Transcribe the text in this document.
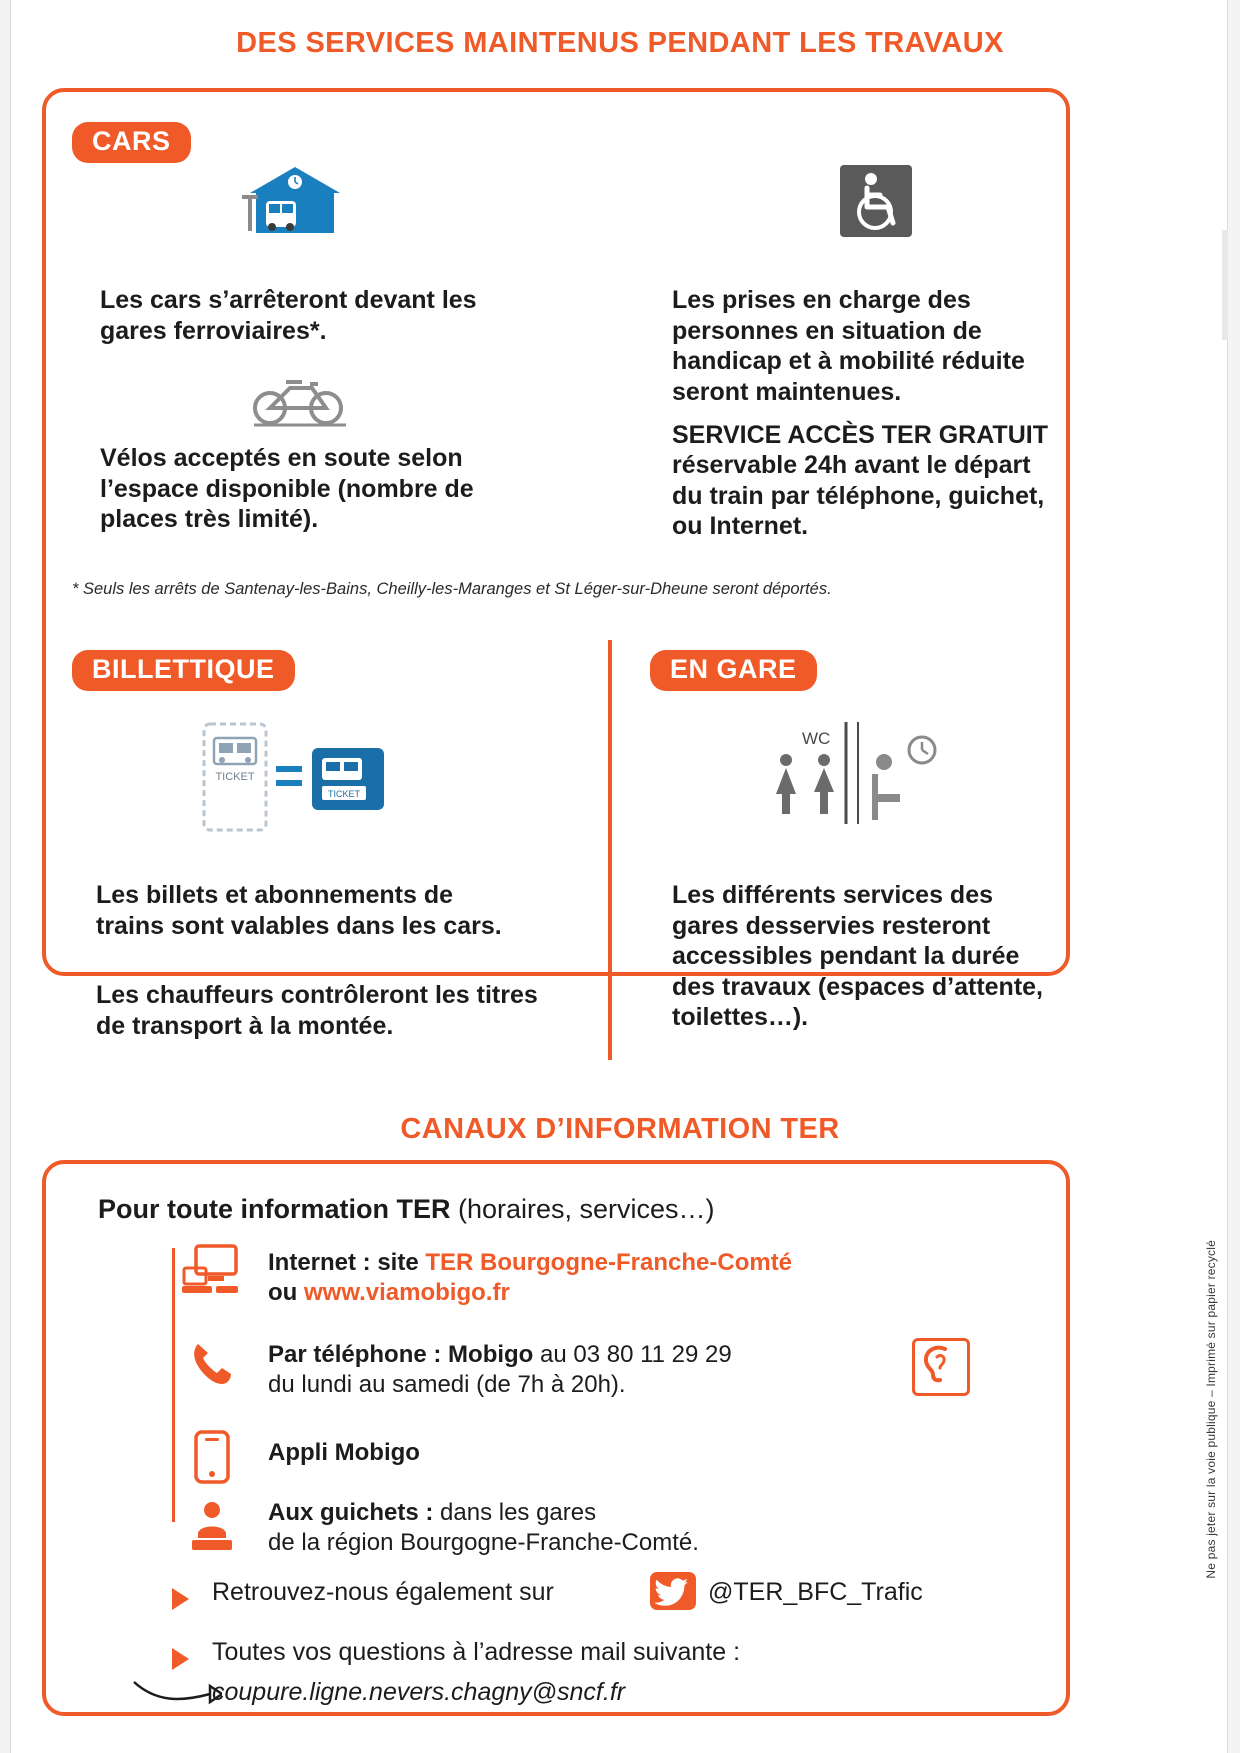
DES SERVICES MAINTENUS PENDANT LES TRAVAUX
CARS
Les cars s’arrêteront devant les gares ferroviaires*.
Vélos acceptés en soute selon l’espace disponible (nombre de places très limité).
Les prises en charge des personnes en situation de handicap et à mobilité réduite seront maintenues.
SERVICE ACCÈS TER GRATUIT
réservable 24h avant le départ du train par téléphone, guichet, ou Internet.
* Seuls les arrêts de Santenay-les-Bains, Cheilly-les-Maranges et St Léger-sur-Dheune seront déportés.
BILLETTIQUE	EN GARE
TICKET
TICKET
Les billets et abonnements de trains sont valables dans les cars.
Les chauffeurs contrôleront les titres de transport à la montée.
WC
Les différents services des gares desservies resteront accessibles pendant la durée des travaux (espaces d’attente, toilettes…).
CANAUX D’INFORMATION TER
Pour toute information TER (horaires, services…)
Internet : site TER Bourgogne-Franche-Comté
ou www.viamobigo.fr
Par téléphone : Mobigo au 03 80 11 29 29
du lundi au samedi (de 7h à 20h).
Appli Mobigo
Aux guichets : dans les gares
de la région Bourgogne-Franche-Comté.
Retrouvez-nous également sur	@TER_BFC_Trafic
Toutes vos questions à l’adresse mail suivante :
coupure.ligne.nevers.chagny@sncf.fr
Ne pas jeter sur la voie publique – Imprimé sur papier recyclé
